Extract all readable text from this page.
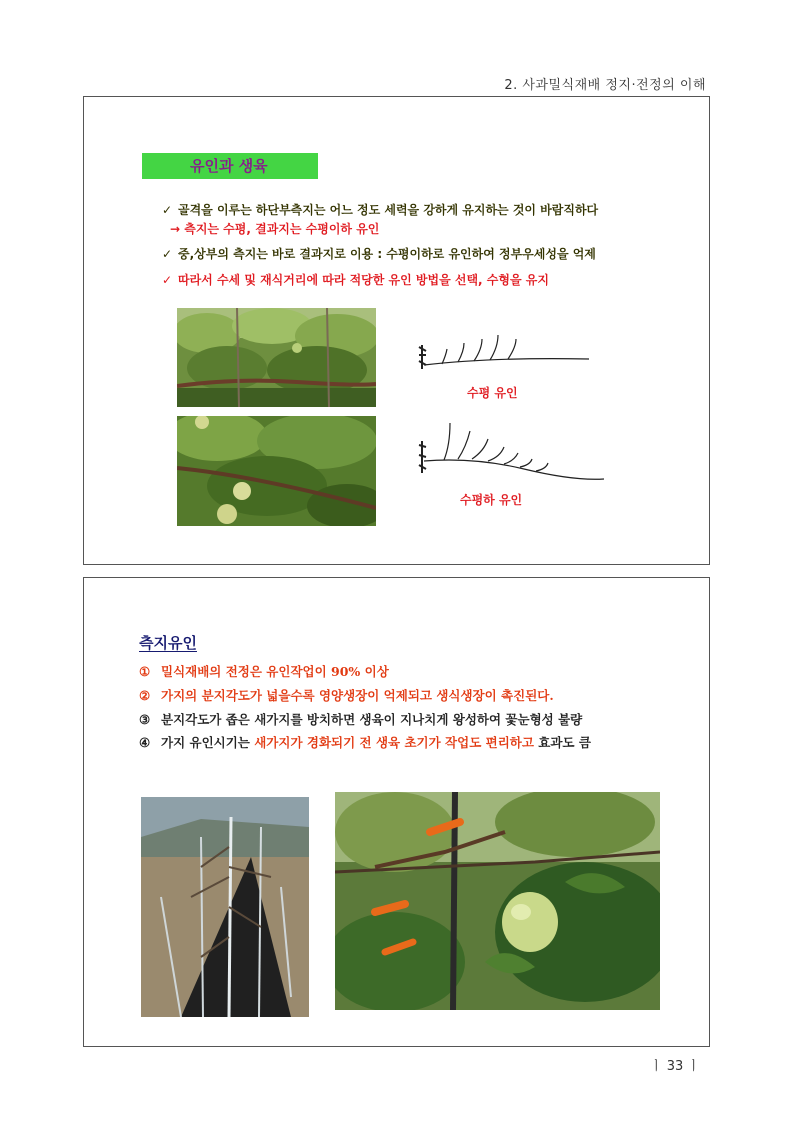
2. 사과밀식재배 정지·전정의 이해
유인과 생육
✓ 골격을 이루는 하단부측지는 어느 정도 세력을 강하게 유지하는 것이 바람직하다
→ 측지는 수평, 결과지는 수평이하 유인
✓ 중,상부의 측지는 바로 결과지로 이용 : 수평이하로 유인하여 정부우세성을 억제
✓ 따라서 수세 및 재식거리에 따라 적당한 유인 방법을 선택, 수형을 유지
수평 유인
수평하 유인
측지유인
① 밀식재배의 전정은 유인작업이 90% 이상
② 가지의 분지각도가 넓을수록 영양생장이 억제되고 생식생장이 촉진된다.
③ 분지각도가 좁은 새가지를 방치하면 생육이 지나치게 왕성하여 꽃눈형성 불량
④ 가지 유인시기는 새가지가 경화되기 전 생육 초기가 작업도 편리하고 효과도 큼
ㅣ 33 ㅣ
